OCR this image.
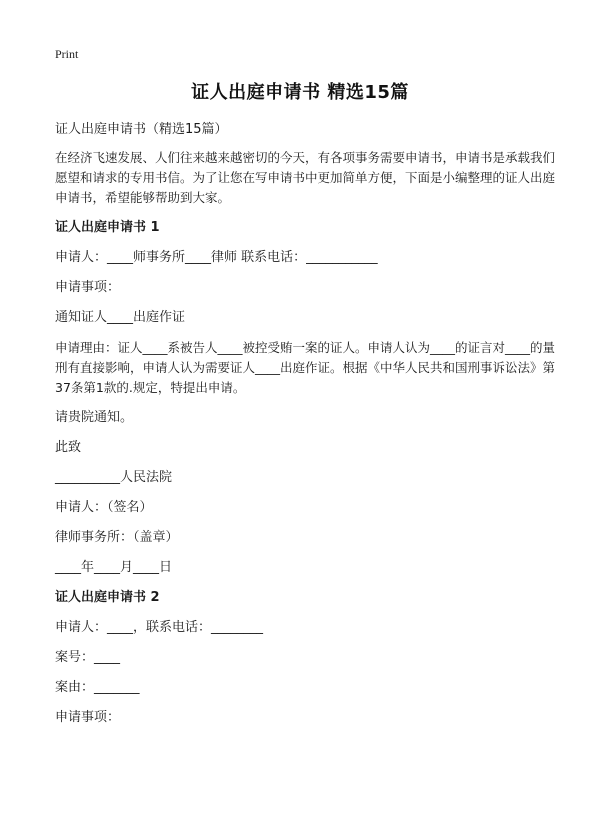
Print
证人出庭申请书 精选15篇

证人出庭申请书（精选15篇）

在经济飞速发展、人们往来越来越密切的今天，有各项事务需要申请书，申请书是承载我们愿望和请求的专用书信。为了让您在写申请书中更加简单方便，下面是小编整理的证人出庭申请书，希望能够帮助到大家。

证人出庭申请书 1

申请人：____师事务所____律师 联系电话：___________

申请事项：

通知证人____出庭作证

申请理由：证人____系被告人____被控受贿一案的证人。申请人认为____的证言对____的量刑有直接影响，申请人认为需要证人____出庭作证。根据《中华人民共和国刑事诉讼法》第37条第1款的.规定，特提出申请。

请贵院通知。

此致

__________人民法院

申请人：（签名）

律师事务所：（盖章）

____年____月____日

证人出庭申请书 2

申请人：____，联系电话：________

案号：____

案由：_______

申请事项：
